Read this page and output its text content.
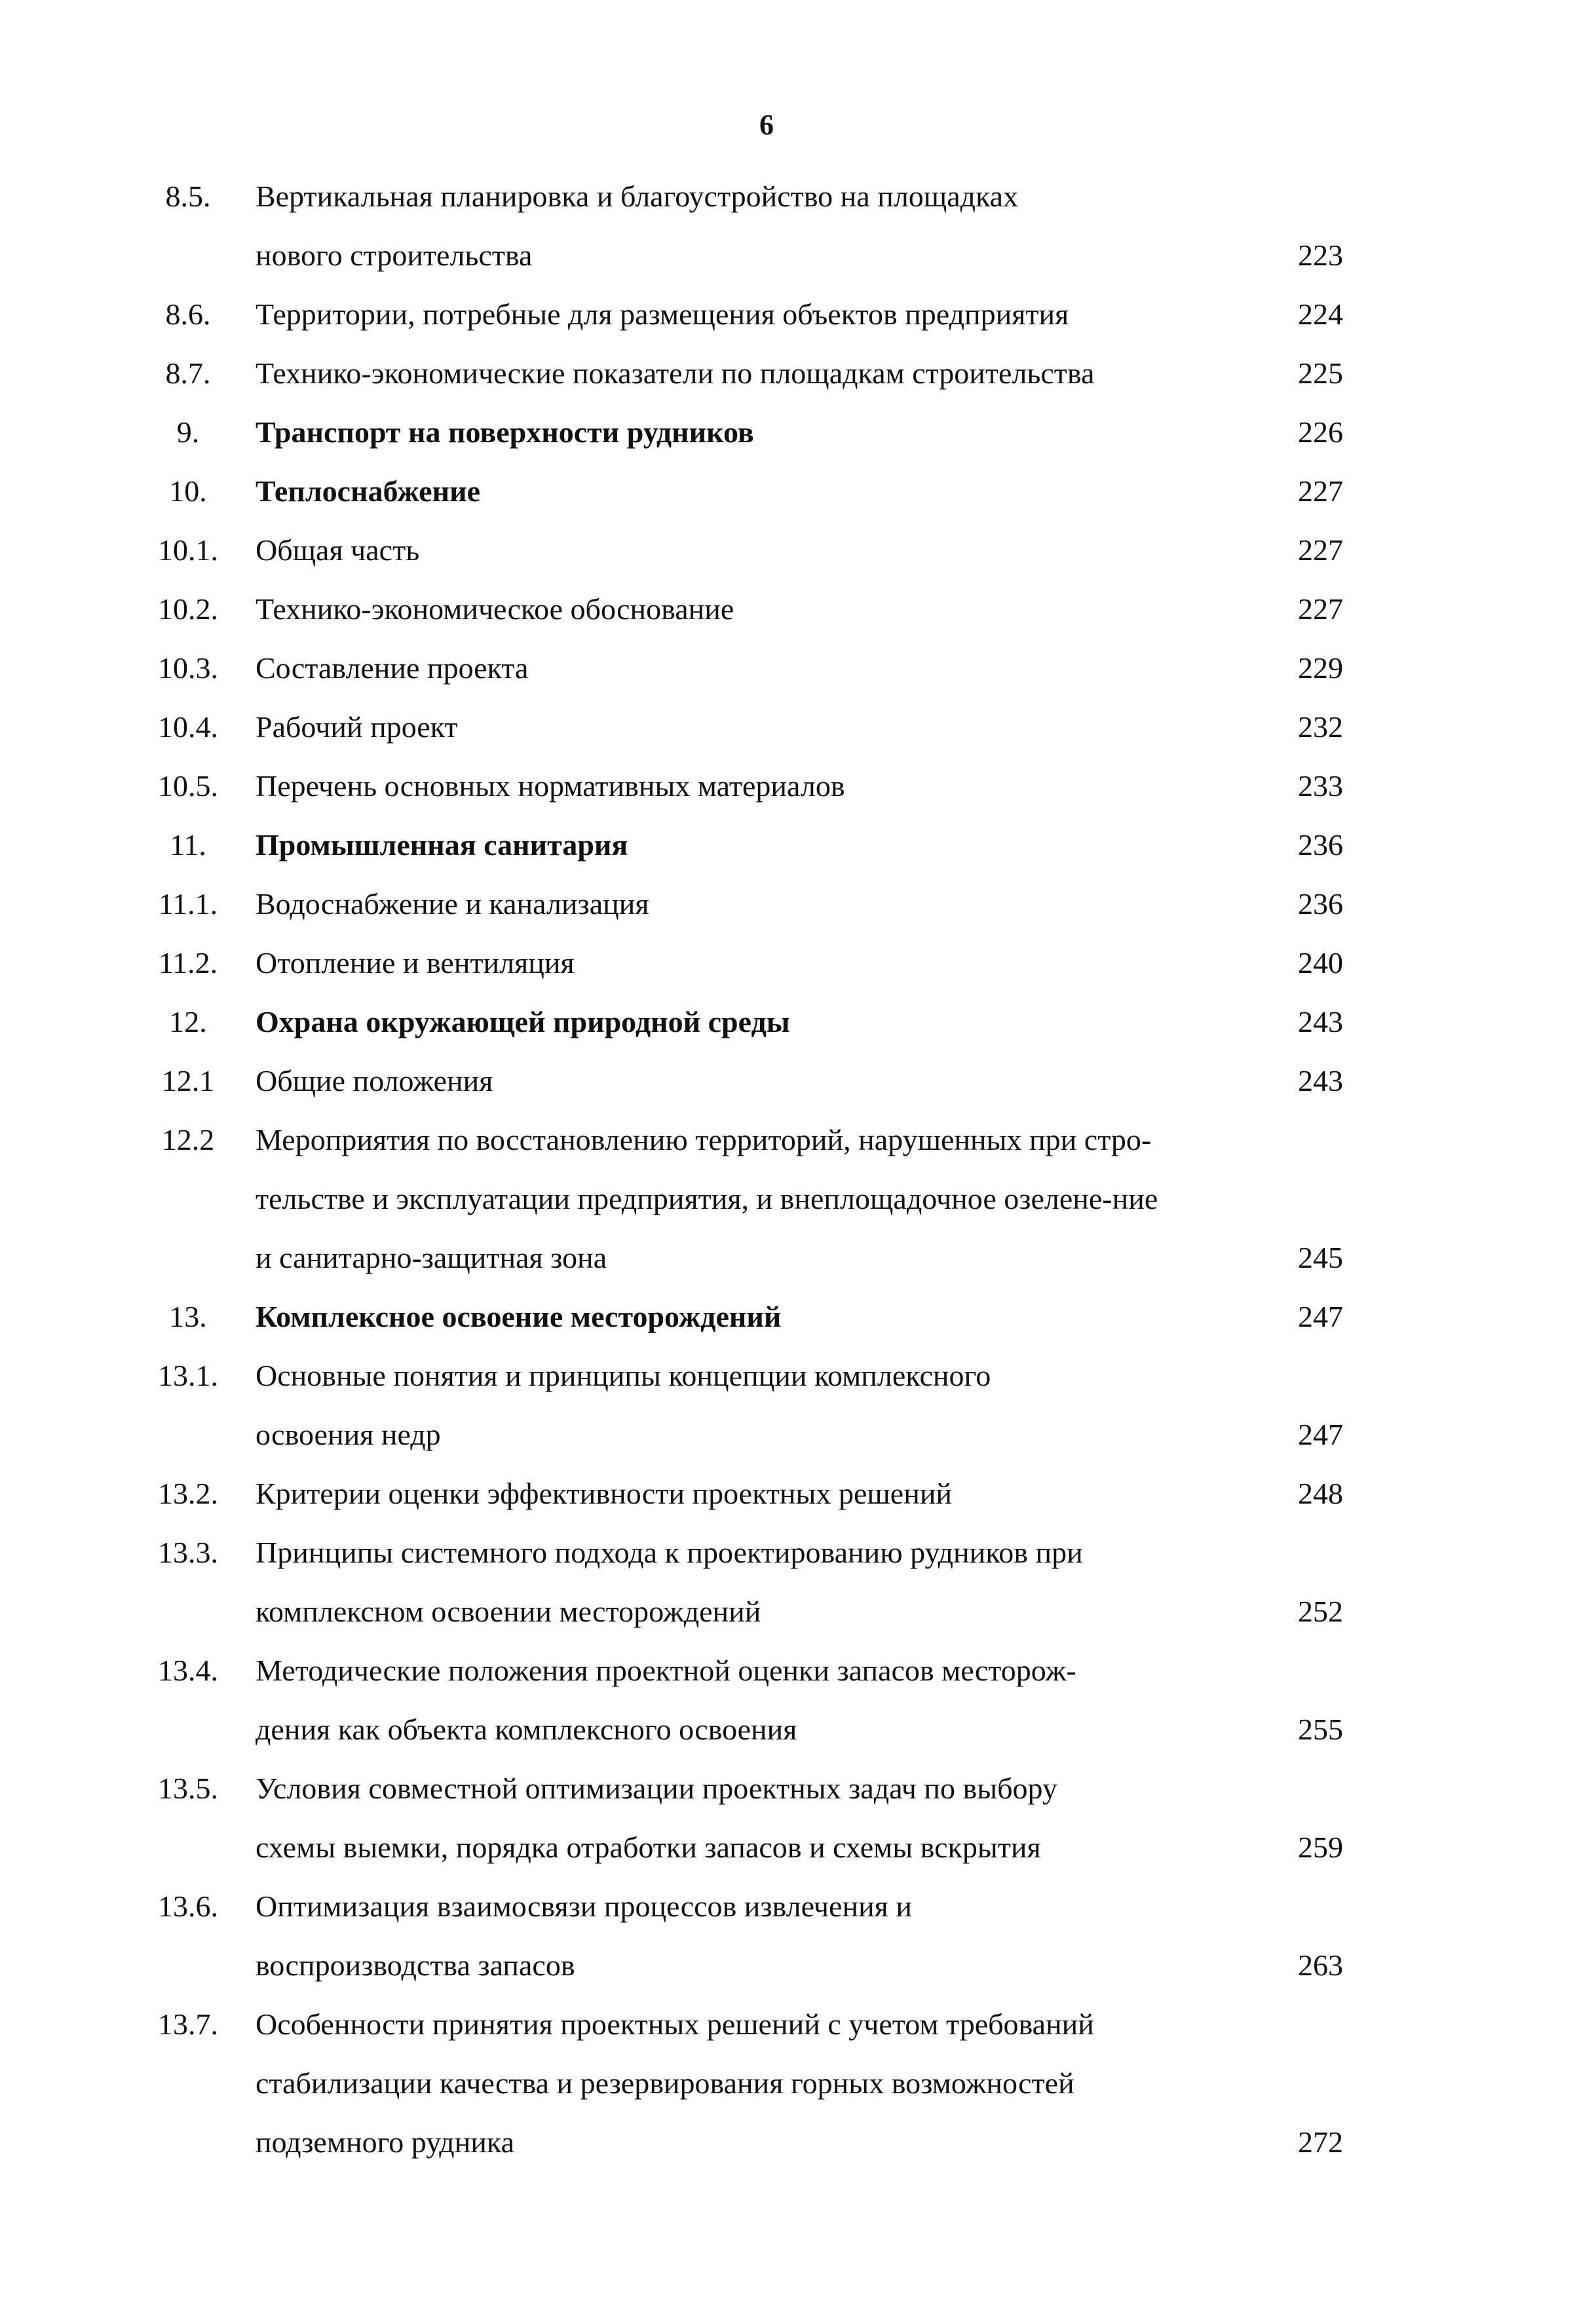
6
8.5.	Вертикальная планировка и благоустройство на площадках
нового строительства	223
8.6.	Территории, потребные для размещения объектов предприятия	224
8.7.	Технико-экономические показатели по площадкам строительства	225
9.	Транспорт на поверхности рудников	226
10.	Теплоснабжение	227
10.1. Общая часть	227
10.2. Технико-экономическое обоснование	227
10.3. Составление проекта	229
10.4. Рабочий проект	232
10.5. Перечень основных нормативных материалов	233
11.	Промышленная санитария	236
11.1. Водоснабжение и канализация	236
11.2. Отопление и вентиляция	240
12.	Охрана окружающей природной среды	243
12.1	Общие положения	243
12.2	Мероприятия по восстановлению территорий, нарушенных при стро-
тельстве и эксплуатации предприятия, и внеплощадочное озелене-ние
и санитарно-защитная зона	245
13.	Комплексное освоение месторождений	247
13.1. Основные понятия и принципы концепции комплексного
освоения недр	247
13.2. Критерии оценки эффективности проектных решений	248
13.3. Принципы системного подхода к проектированию рудников при
комплексном освоении месторождений	252
13.4. Методические положения проектной оценки запасов месторож-
дения как объекта комплексного освоения	255
13.5. Условия совместной оптимизации проектных задач по выбору
схемы выемки, порядка отработки запасов и схемы вскрытия	259
13.6. Оптимизация взаимосвязи процессов извлечения и
воспроизводства запасов	263
13.7. Особенности принятия проектных решений с учетом требований
стабилизации качества и резервирования горных возможностей
подземного рудника	272
